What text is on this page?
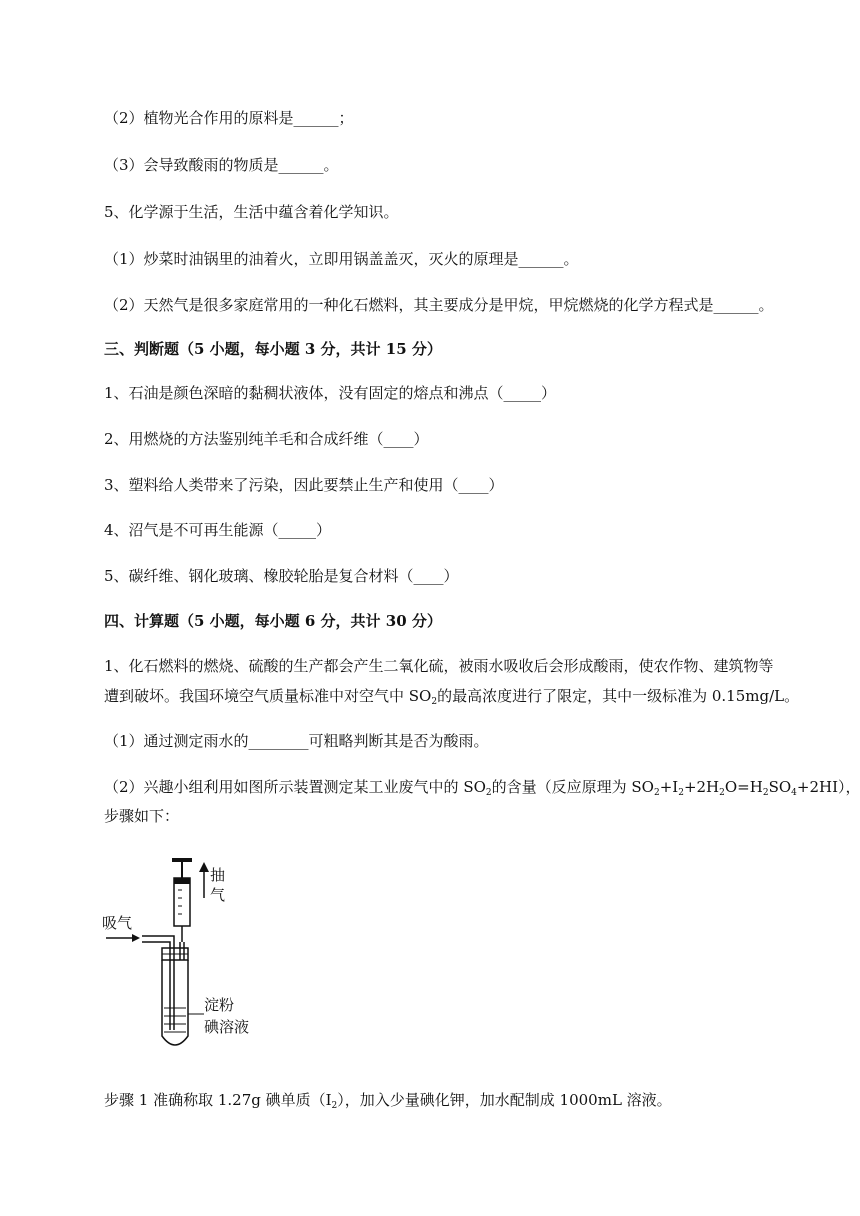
（2）植物光合作用的原料是______；
（3）会导致酸雨的物质是______。
5、化学源于生活，生活中蕴含着化学知识。
（1）炒菜时油锅里的油着火，立即用锅盖盖灭，灭火的原理是______。
（2）天然气是很多家庭常用的一种化石燃料，其主要成分是甲烷，甲烷燃烧的化学方程式是______。
三、判断题（5 小题，每小题 3 分，共计 15 分）
1、石油是颜色深暗的黏稠状液体，没有固定的熔点和沸点（_____）
2、用燃烧的方法鉴别纯羊毛和合成纤维（____）
3、塑料给人类带来了污染，因此要禁止生产和使用（____）
4、沼气是不可再生能源（_____）
5、碳纤维、钢化玻璃、橡胶轮胎是复合材料（____）
四、计算题（5 小题，每小题 6 分，共计 30 分）
1、化石燃料的燃烧、硫酸的生产都会产生二氧化硫，被雨水吸收后会形成酸雨，使农作物、建筑物等
遭到破坏。我国环境空气质量标准中对空气中 $SO_2$的最高浓度进行了限定，其中一级标准为 0.15mg/L。
（1）通过测定雨水的________可粗略判断其是否为酸雨。
（2）兴趣小组利用如图所示装置测定某工业废气中的 $SO_2$的含量（反应原理为 $SO_2+I_2+2H_2O=H_2SO_4+2HI$），
步骤如下：
抽
气
吸气
淀粉
碘溶液
步骤 1 准确称取 1.27g 碘单质$(I_2)$，加入少量碘化钾，加水配制成 1000mL 溶液。
